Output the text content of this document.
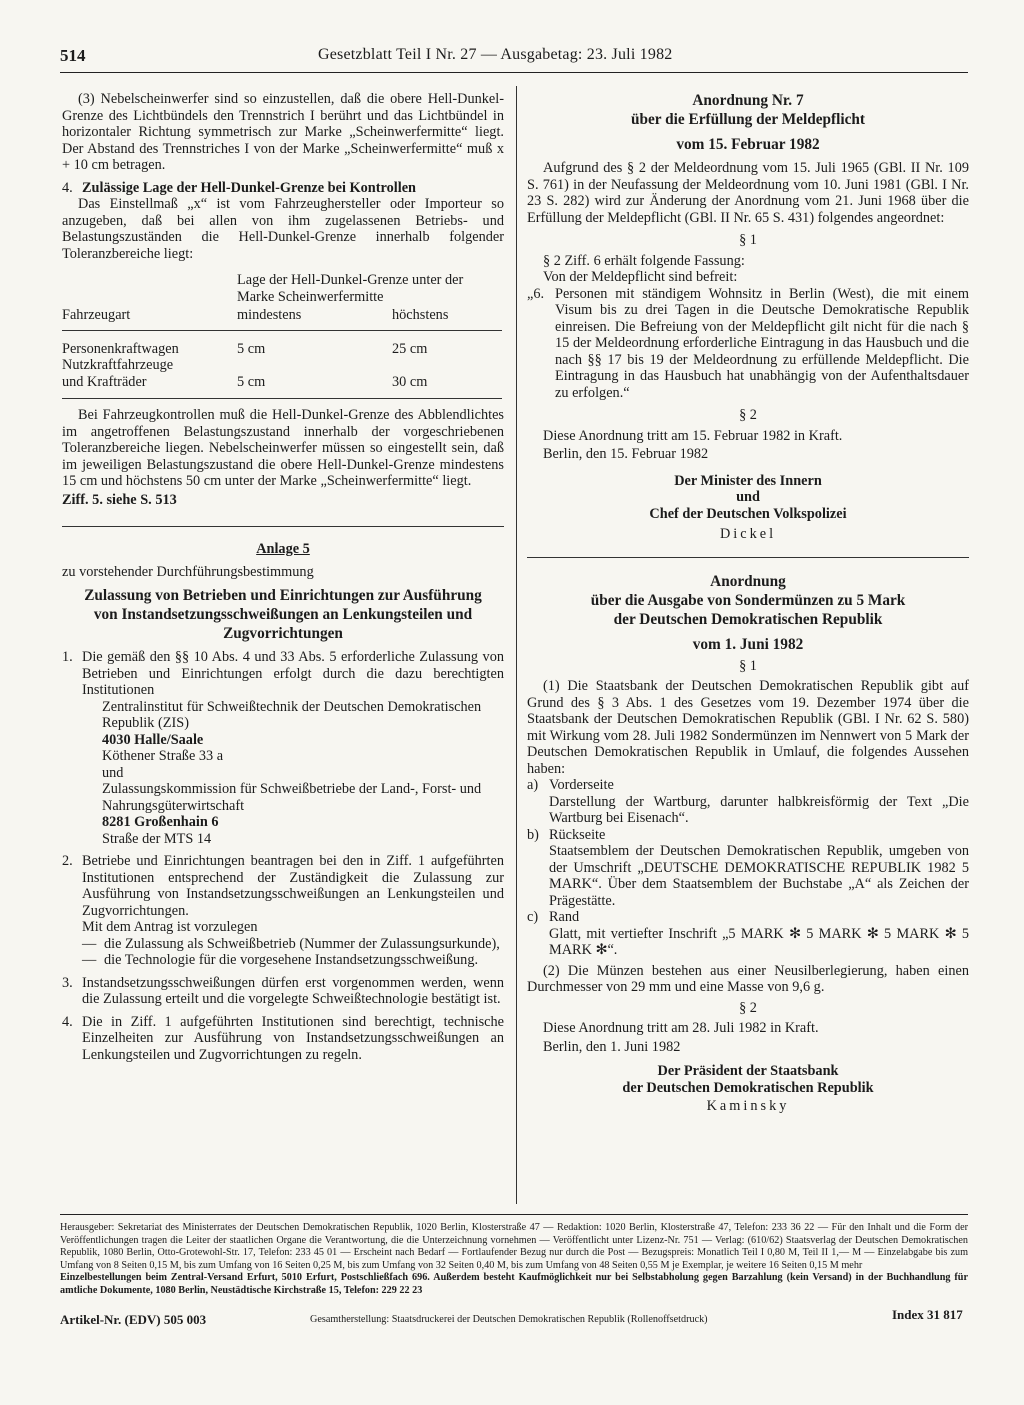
514	Gesetzblatt Teil I Nr. 27 — Ausgabetag: 23. Juli 1982

(3) Nebelscheinwerfer sind so einzustellen, daß die obere Hell-Dunkel-Grenze des Lichtbündels den Trennstrich I berührt und das Lichtbündel in horizontaler Richtung symmetrisch zur Marke „Scheinwerfermitte“ liegt. Der Abstand des Trennstriches I von der Marke „Scheinwerfermitte“ muß x + 10 cm betragen.

4. Zulässige Lage der Hell-Dunkel-Grenze bei Kontrollen

Das Einstellmaß „x“ ist vom Fahrzeughersteller oder Importeur so anzugeben, daß bei allen von ihm zugelassenen Betriebs- und Belastungszuständen die Hell-Dunkel-Grenze innerhalb folgender Toleranzbereiche liegt:

	Lage der Hell-Dunkel-Grenze unter der Marke Scheinwerfermitte	
Fahrzeugart	mindestens	höchstens

Personenkraftwagen	5 cm	25 cm
Nutzkraftfahrzeuge		
und Krafträder	5 cm	30 cm

Bei Fahrzeugkontrollen muß die Hell-Dunkel-Grenze des Abblendlichtes im angetroffenen Belastungszustand innerhalb der vorgeschriebenen Toleranzbereiche liegen. Nebelscheinwerfer müssen so eingestellt sein, daß im jeweiligen Belastungszustand die obere Hell-Dunkel-Grenze mindestens 15 cm und höchstens 50 cm unter der Marke „Scheinwerfermitte“ liegt.

Ziff. 5. siehe S. 513

Anlage 5

zu vorstehender Durchführungsbestimmung

Zulassung von Betrieben und Einrichtungen zur Ausführung von Instandsetzungsschweißungen an Lenkungsteilen und Zugvorrichtungen

1. Die gemäß den §§ 10 Abs. 4 und 33 Abs. 5 erforderliche Zulassung von Betrieben und Einrichtungen erfolgt durch die dazu berechtigten Institutionen

Zentralinstitut für Schweißtechnik der Deutschen Demokratischen Republik (ZIS)

4030 Halle/Saale

Köthener Straße 33 a

und

Zulassungskommission für Schweißbetriebe der Land-, Forst- und Nahrungsgüterwirtschaft

8281 Großenhain 6

Straße der MTS 14

2. Betriebe und Einrichtungen beantragen bei den in Ziff. 1 aufgeführten Institutionen entsprechend der Zuständigkeit die Zulassung zur Ausführung von Instandsetzungsschweißungen an Lenkungsteilen und Zugvorrichtungen.
Mit dem Antrag ist vorzulegen
— die Zulassung als Schweißbetrieb (Nummer der Zulassungsurkunde),
— die Technologie für die vorgesehene Instandsetzungsschweißung.
3. Instandsetzungsschweißungen dürfen erst vorgenommen werden, wenn die Zulassung erteilt und die vorgelegte Schweißtechnologie bestätigt ist.
4. Die in Ziff. 1 aufgeführten Institutionen sind berechtigt, technische Einzelheiten zur Ausführung von Instandsetzungsschweißungen an Lenkungsteilen und Zugvorrichtungen zu regeln.

Anordnung Nr. 7

über die Erfüllung der Meldepflicht

vom 15. Februar 1982

Aufgrund des § 2 der Meldeordnung vom 15. Juli 1965 (GBl. II Nr. 109 S. 761) in der Neufassung der Meldeordnung vom 10. Juni 1981 (GBl. I Nr. 23 S. 282) wird zur Änderung der Anordnung vom 21. Juni 1968 über die Erfüllung der Meldepflicht (GBl. II Nr. 65 S. 431) folgendes angeordnet:

§ 1

§ 2 Ziff. 6 erhält folgende Fassung:

Von der Meldepflicht sind befreit:

„6. Personen mit ständigem Wohnsitz in Berlin (West), die mit einem Visum bis zu drei Tagen in die Deutsche Demokratische Republik einreisen. Die Befreiung von der Meldepflicht gilt nicht für die nach § 15 der Meldeordnung erforderliche Eintragung in das Hausbuch und die nach §§ 17 bis 19 der Meldeordnung zu erfüllende Meldepflicht. Die Eintragung in das Hausbuch hat unabhängig von der Aufenthaltsdauer zu erfolgen.“

§ 2

Diese Anordnung tritt am 15. Februar 1982 in Kraft.

Berlin, den 15. Februar 1982

Der Minister des Innern

und

Chef der Deutschen Volkspolizei

Dickel

Anordnung

über die Ausgabe von Sondermünzen zu 5 Mark

der Deutschen Demokratischen Republik

vom 1. Juni 1982

§ 1

(1) Die Staatsbank der Deutschen Demokratischen Republik gibt auf Grund des § 3 Abs. 1 des Gesetzes vom 19. Dezember 1974 über die Staatsbank der Deutschen Demokratischen Republik (GBl. I Nr. 62 S. 580) mit Wirkung vom 28. Juli 1982 Sondermünzen im Nennwert von 5 Mark der Deutschen Demokratischen Republik in Umlauf, die folgendes Aussehen haben:

a) Vorderseite
Darstellung der Wartburg, darunter halbkreisförmig der Text „Die Wartburg bei Eisenach“.
b) Rückseite
Staatsemblem der Deutschen Demokratischen Republik, umgeben von der Umschrift „DEUTSCHE DEMOKRATISCHE REPUBLIK 1982 5 MARK“. Über dem Staatsemblem der Buchstabe „A“ als Zeichen der Prägestätte.
c) Rand
Glatt, mit vertiefter Inschrift „5 MARK ✻ 5 MARK ✻ 5 MARK ✻ 5 MARK ✻“.

(2) Die Münzen bestehen aus einer Neusilberlegierung, haben einen Durchmesser von 29 mm und eine Masse von 9,6 g.

§ 2

Diese Anordnung tritt am 28. Juli 1982 in Kraft.

Berlin, den 1. Juni 1982

Der Präsident der Staatsbank

der Deutschen Demokratischen Republik

Kaminsky

Herausgeber: Sekretariat des Ministerrates der Deutschen Demokratischen Republik, 1020 Berlin, Klosterstraße 47 — Redaktion: 1020 Berlin, Klosterstraße 47, Telefon: 233 36 22 — Für den Inhalt und die Form der Veröffentlichungen tragen die Leiter der staatlichen Organe die Verantwortung, die die Unterzeichnung vornehmen — Veröffentlicht unter Lizenz-Nr. 751 — Verlag: (610/62) Staatsverlag der Deutschen Demokratischen Republik, 1080 Berlin, Otto-Grotewohl-Str. 17, Telefon: 233 45 01 — Erscheint nach Bedarf — Fortlaufender Bezug nur durch die Post — Bezugspreis: Monatlich Teil I 0,80 M, Teil II 1,— M — Einzelabgabe bis zum Umfang von 8 Seiten 0,15 M, bis zum Umfang von 16 Seiten 0,25 M, bis zum Umfang von 32 Seiten 0,40 M, bis zum Umfang von 48 Seiten 0,55 M je Exemplar, je weitere 16 Seiten 0,15 M mehr

Einzelbestellungen beim Zentral-Versand Erfurt, 5010 Erfurt, Postschließfach 696. Außerdem besteht Kaufmöglichkeit nur bei Selbstabholung gegen Barzahlung (kein Versand) in der Buchhandlung für amtliche Dokumente, 1080 Berlin, Neustädtische Kirchstraße 15, Telefon: 229 22 23

Artikel-Nr. (EDV) 505 003	Gesamtherstellung: Staatsdruckerei der Deutschen Demokratischen Republik (Rollenoffsetdruck)	Index 31 817
